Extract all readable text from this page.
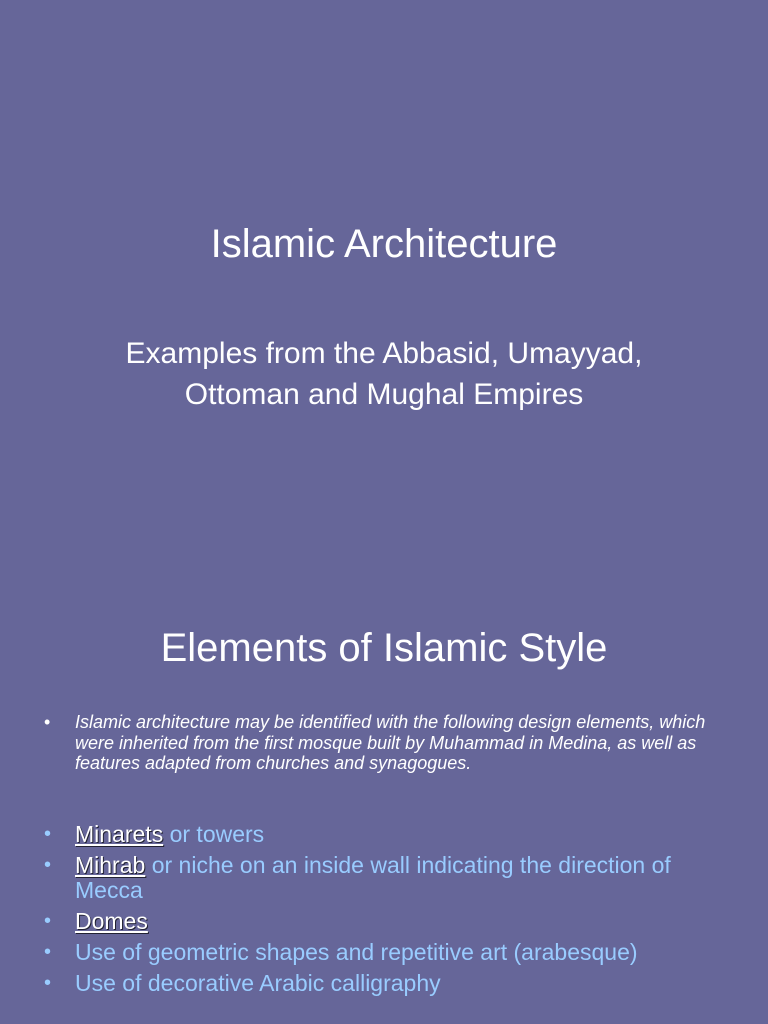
Islamic Architecture
Examples from the Abbasid, Umayyad, Ottoman and Mughal Empires
Elements of Islamic Style
• Islamic architecture may be identified with the following design elements, which were inherited from the first mosque built by Muhammad in Medina, as well as features adapted from churches and synagogues.
• Minarets or towers
• Mihrab or niche on an inside wall indicating the direction of Mecca
• Domes
• Use of geometric shapes and repetitive art (arabesque)
• Use of decorative Arabic calligraphy
